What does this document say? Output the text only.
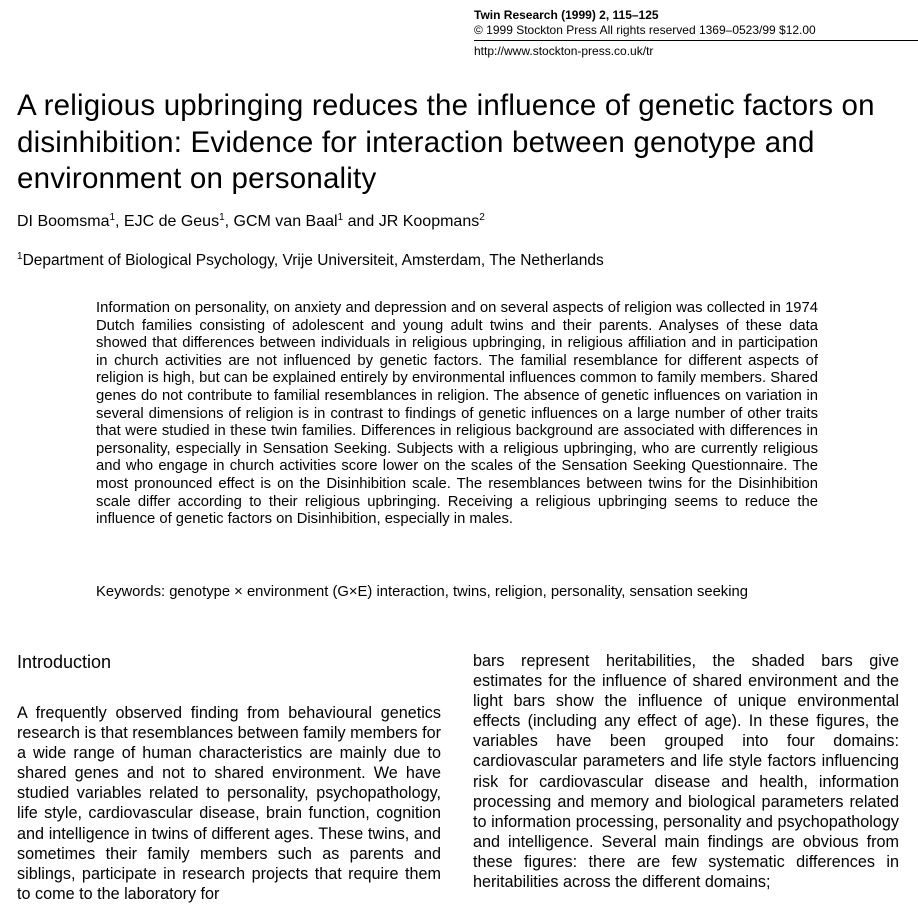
Twin Research (1999) 2, 115–125
© 1999 Stockton Press All rights reserved 1369–0523/99 $12.00
http://www.stockton-press.co.uk/tr
A religious upbringing reduces the influence of genetic factors on disinhibition: Evidence for interaction between genotype and environment on personality
DI Boomsma$^1$, EJC de Geus$^1$, GCM van Baal$^1$ and JR Koopmans$^2$
$^1$Department of Biological Psychology, Vrije Universiteit, Amsterdam, The Netherlands

Information on personality, on anxiety and depression and on several aspects of religion was collected in 1974 Dutch families consisting of adolescent and young adult twins and their parents. Analyses of these data showed that differences between individuals in religious upbringing, in religious affiliation and in participation in church activities are not influenced by genetic factors. The familial resemblance for different aspects of religion is high, but can be explained entirely by environmental influences common to family members. Shared genes do not contribute to familial resemblances in religion. The absence of genetic influences on variation in several dimensions of religion is in contrast to findings of genetic influences on a large number of other traits that were studied in these twin families. Differences in religious background are associated with differences in personality, especially in Sensation Seeking. Subjects with a religious upbringing, who are currently religious and who engage in church activities score lower on the scales of the Sensation Seeking Questionnaire. The most pronounced effect is on the Disinhibition scale. The resemblances between twins for the Disinhibition scale differ according to their religious upbringing. Receiving a religious upbringing seems to reduce the influence of genetic factors on Disinhibition, especially in males.

Keywords: genotype × environment (G×E) interaction, twins, religion, personality, sensation seeking

Introduction

A frequently observed finding from behavioural genetics research is that resemblances between family members for a wide range of human characteristics are mainly due to shared genes and not to shared environment. We have studied variables related to personality, psychopathology, life style, cardiovascular disease, brain function, cognition and intelligence in twins of different ages. These twins, and sometimes their family members such as parents and siblings, participate in research projects that require them to come to the laboratory for

bars represent heritabilities, the shaded bars give estimates for the influence of shared environment and the light bars show the influence of unique environmental effects (including any effect of age). In these figures, the variables have been grouped into four domains: cardiovascular parameters and life style factors influencing risk for cardiovascular disease and health, information processing and memory and biological parameters related to information processing, personality and psychopathology and intelligence. Several main findings are obvious from these figures: there are few systematic differences in heritabilities across the different domains;
